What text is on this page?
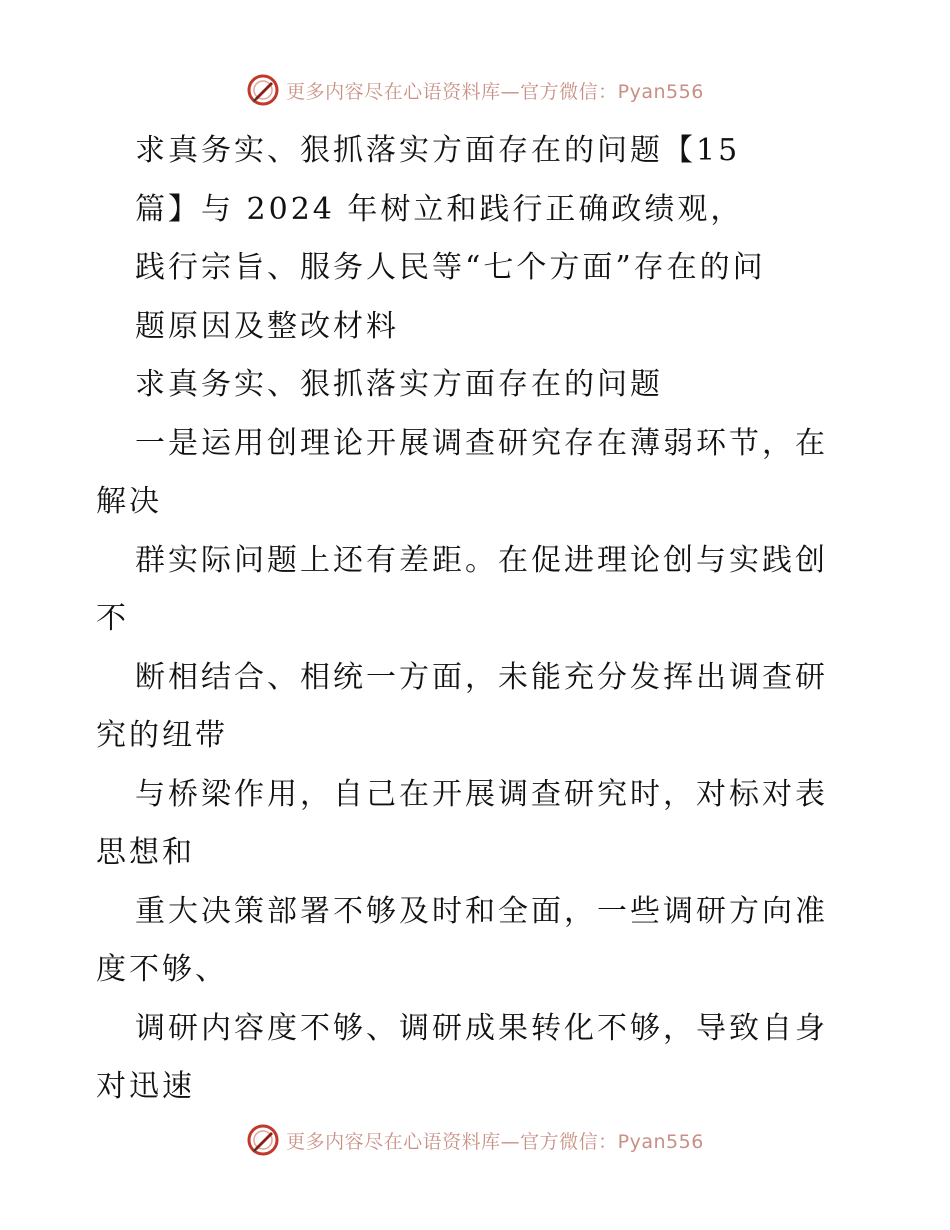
更多内容尽在心语资料库—官方微信：Pyan556
求真务实、狠抓落实方面存在的问题【15
篇】与 2024 年树立和践行正确政绩观，
践行宗旨、服务人民等“七个方面”存在的问
题原因及整改材料
求真务实、狠抓落实方面存在的问题
一是运用创理论开展调查研究存在薄弱环节，在
解决
群实际问题上还有差距。在促进理论创与实践创
不
断相结合、相统一方面，未能充分发挥出调查研
究的纽带
与桥梁作用，自己在开展调查研究时，对标对表
思想和
重大决策部署不够及时和全面，一些调研方向准
度不够、
调研内容度不够、调研成果转化不够，导致自身
对迅速
更多内容尽在心语资料库—官方微信：Pyan556
